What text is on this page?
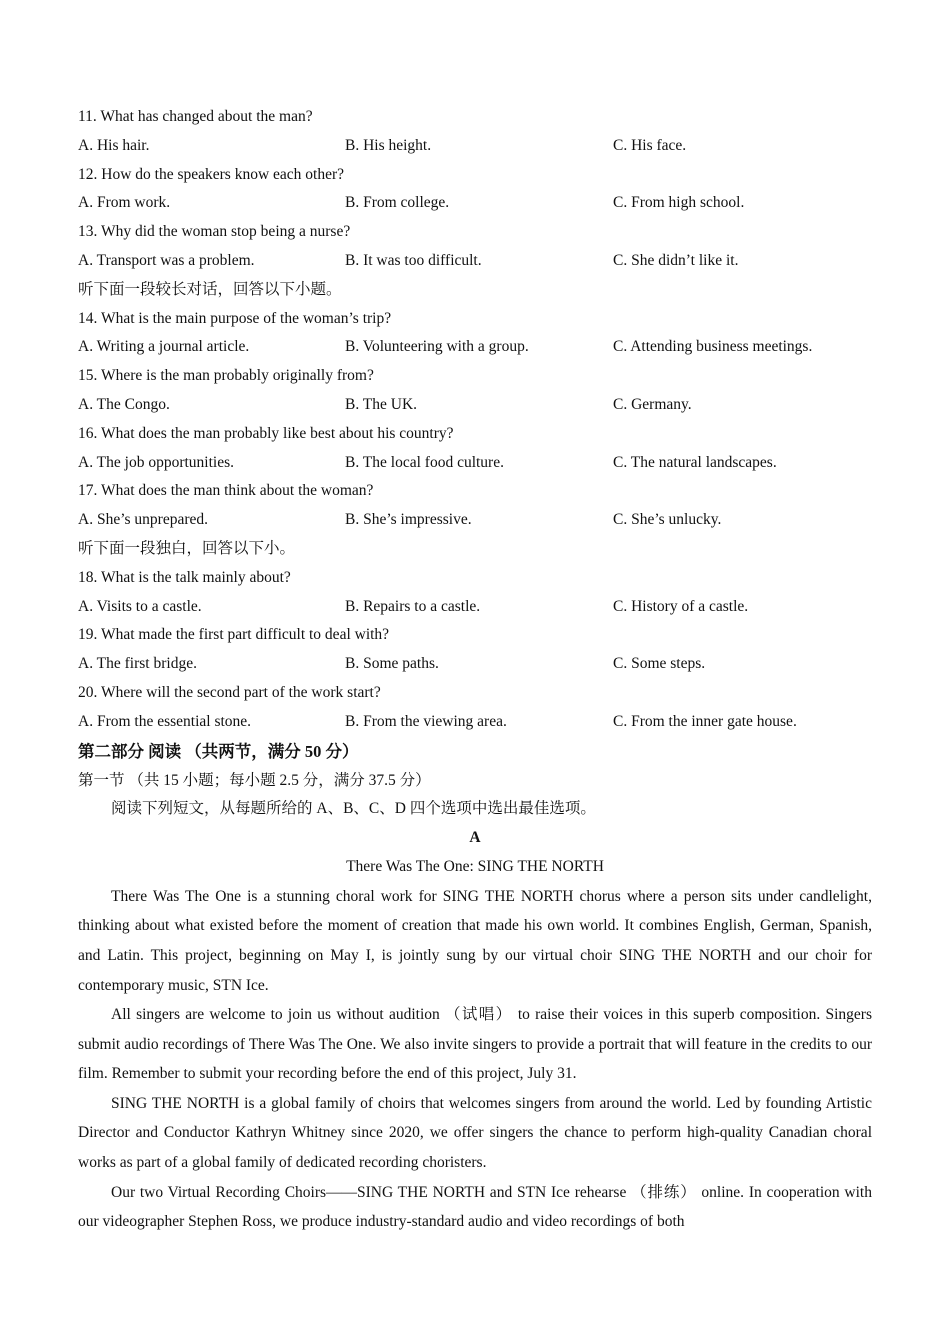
11. What has changed about the man?
A. His hair.	B. His height.	C. His face.
12. How do the speakers know each other?
A. From work.	B. From college.	C. From high school.
13. Why did the woman stop being a nurse?
A. Transport was a problem.	B. It was too difficult.	C. She didn’t like it.
听下面一段较长对话，回答以下小题。
14. What is the main purpose of the woman’s trip?
A. Writing a journal article.	B. Volunteering with a group.	C. Attending business meetings.
15. Where is the man probably originally from?
A. The Congo.	B. The UK.	C. Germany.
16. What does the man probably like best about his country?
A. The job opportunities.	B. The local food culture.	C. The natural landscapes.
17. What does the man think about the woman?
A. She’s unprepared.	B. She’s impressive.	C. She’s unlucky.
听下面一段独白，回答以下小。
18. What is the talk mainly about?
A. Visits to a castle.	B. Repairs to a castle.	C. History of a castle.
19. What made the first part difficult to deal with?
A. The first bridge.	B. Some paths.	C. Some steps.
20. Where will the second part of the work start?
A. From the essential stone.	B. From the viewing area.	C. From the inner gate house.
第二部分 阅读 （共两节，满分 50 分）
第一节 （共 15 小题；每小题 2.5 分，满分 37.5 分）
阅读下列短文，从每题所给的 A、B、C、D 四个选项中选出最佳选项。
A
There Was The One: SING THE NORTH

There Was The One is a stunning choral work for SING THE NORTH chorus where a person sits under candlelight, thinking about what existed before the moment of creation that made his own world. It combines English, German, Spanish, and Latin. This project, beginning on May I, is jointly sung by our virtual choir SING THE NORTH and our choir for contemporary music, STN Ice.

All singers are welcome to join us without audition （试唱） to raise their voices in this superb composition. Singers submit audio recordings of There Was The One. We also invite singers to provide a portrait that will feature in the credits to our film. Remember to submit your recording before the end of this project, July 31.

SING THE NORTH is a global family of choirs that welcomes singers from around the world. Led by founding Artistic Director and Conductor Kathryn Whitney since 2020, we offer singers the chance to perform high-quality Canadian choral works as part of a global family of dedicated recording choristers.

Our two Virtual Recording Choirs——SING THE NORTH and STN Ice rehearse （排练） online. In cooperation with our videographer Stephen Ross, we produce industry-standard audio and video recordings of both
